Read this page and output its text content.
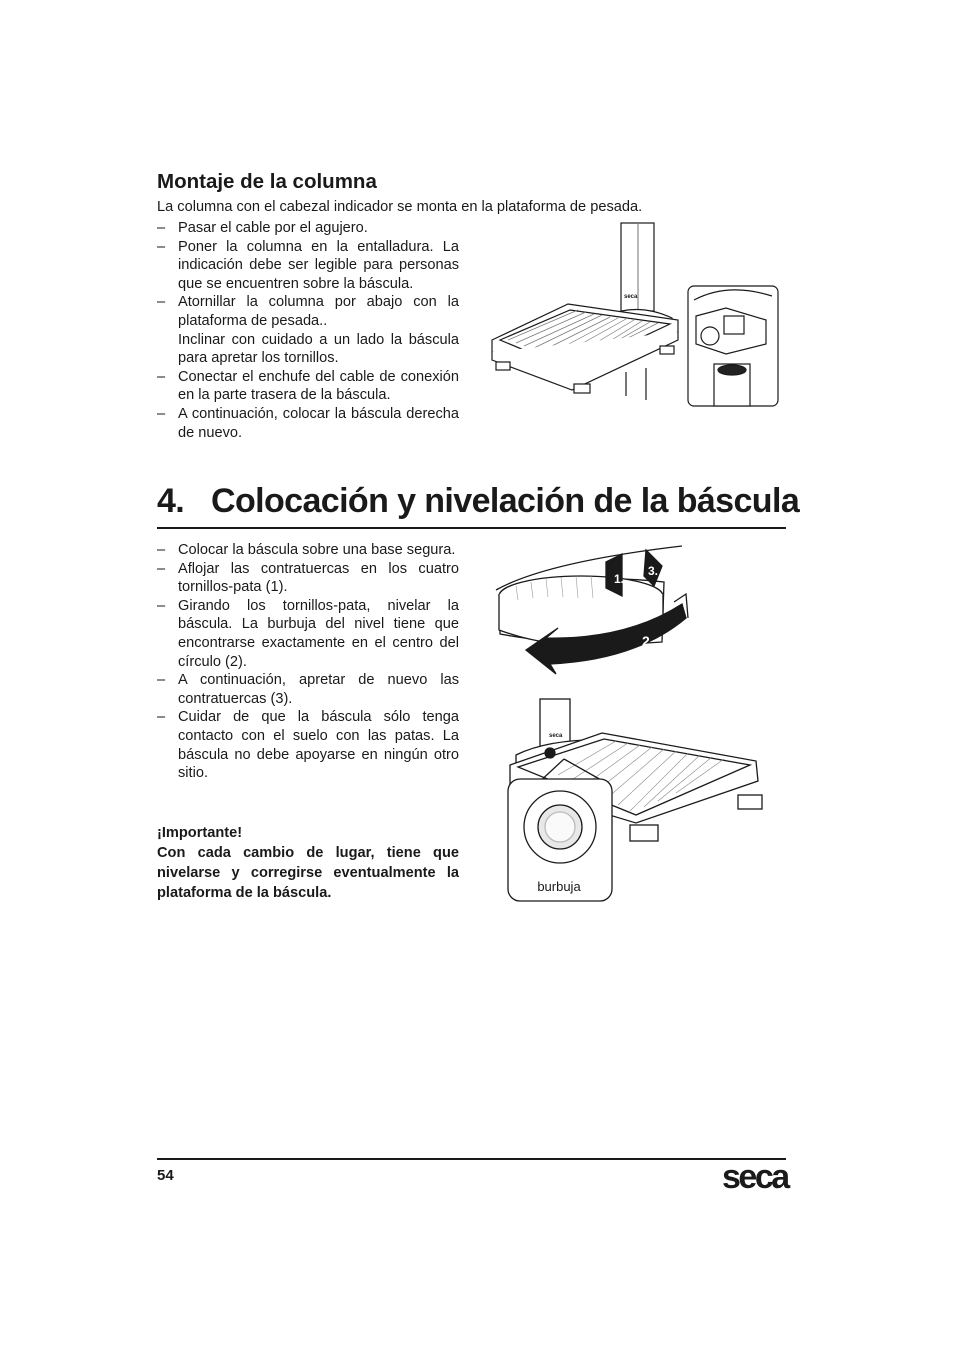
Montaje de la columna
La columna con el cabezal indicador se monta en la plataforma de pesada.
– Pasar el cable por el agujero.
– Poner la columna en la entalladura. La indicación debe ser legible para personas que se encuentren sobre la báscula.
– Atornillar la columna por abajo con la plataforma de pesada..
Inclinar con cuidado a un lado la báscula para apretar los tornillos.
– Conectar el enchufe del cable de conexión en la parte trasera de la báscula.
– A continuación, colocar la báscula derecha de nuevo.
seca
4. Colocación y nivelación de la báscula
– Colocar la báscula sobre una base segura.
– Aflojar las contratuercas en los cuatro tornillos-pata (1).
– Girando los tornillos-pata, nivelar la báscula. La burbuja del nivel tiene que encontrarse exactamente en el centro del círculo (2).
– A continuación, apretar de nuevo las contratuercas (3).
– Cuidar de que la báscula sólo tenga contacto con el suelo con las patas. La báscula no debe apoyarse en ningún otro sitio.
¡Importante!
Con cada cambio de lugar, tiene que nivelarse y corregirse eventualmente la plataforma de la báscula.
1.
3.
2.
seca
burbuja
54	seca
